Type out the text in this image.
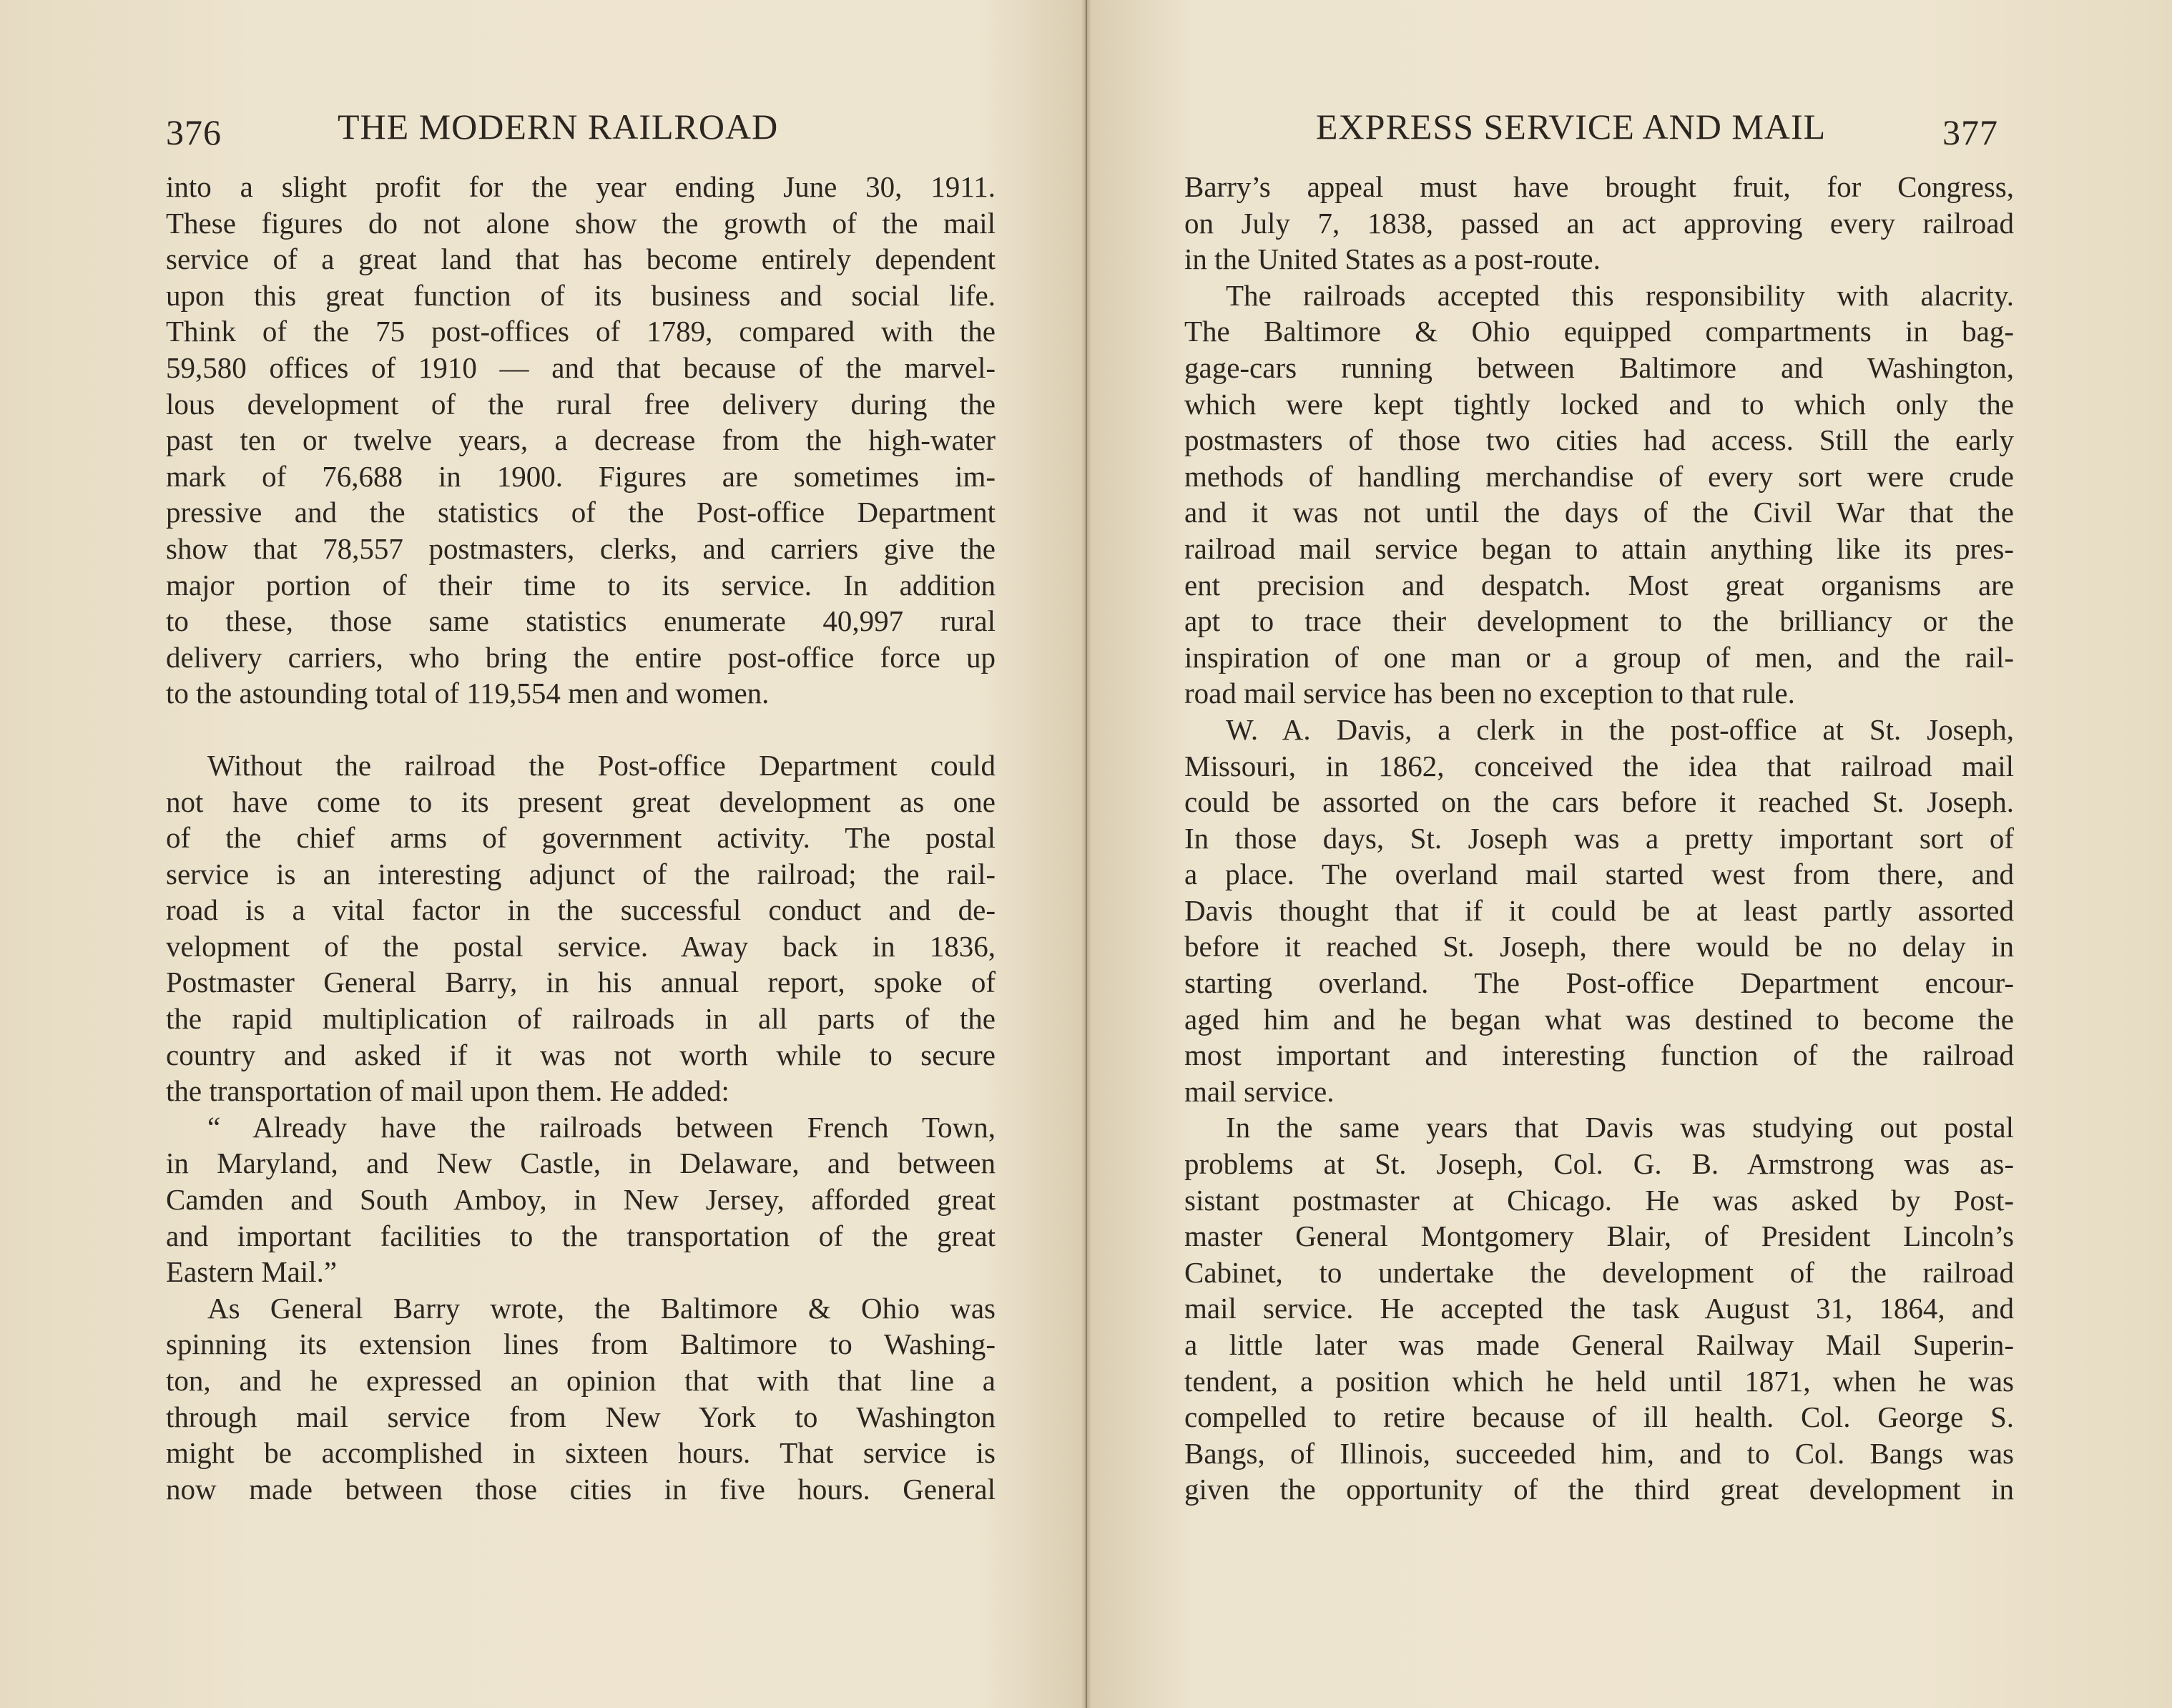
376	THE MODERN RAILROAD
into a slight profit for the year ending June 30, 1911.
These figures do not alone show the growth of the mail
service of a great land that has become entirely dependent
upon this great function of its business and social life.
Think of the 75 post-offices of 1789, compared with the
59,580 offices of 1910 — and that because of the marvel-
lous development of the rural free delivery during the
past ten or twelve years, a decrease from the high-water
mark of 76,688 in 1900. Figures are sometimes im-
pressive and the statistics of the Post-office Department
show that 78,557 postmasters, clerks, and carriers give the
major portion of their time to its service. In addition
to these, those same statistics enumerate 40,997 rural
delivery carriers, who bring the entire post-office force up
to the astounding total of 119,554 men and women.
Without the railroad the Post-office Department could
not have come to its present great development as one
of the chief arms of government activity. The postal
service is an interesting adjunct of the railroad; the rail-
road is a vital factor in the successful conduct and de-
velopment of the postal service. Away back in 1836,
Postmaster General Barry, in his annual report, spoke of
the rapid multiplication of railroads in all parts of the
country and asked if it was not worth while to secure
the transportation of mail upon them. He added:
“ Already have the railroads between French Town,
in Maryland, and New Castle, in Delaware, and between
Camden and South Amboy, in New Jersey, afforded great
and important facilities to the transportation of the great
Eastern Mail.”
As General Barry wrote, the Baltimore & Ohio was
spinning its extension lines from Baltimore to Washing-
ton, and he expressed an opinion that with that line a
through mail service from New York to Washington
might be accomplished in sixteen hours. That service is
now made between those cities in five hours. General
EXPRESS SERVICE AND MAIL	377
Barry’s appeal must have brought fruit, for Congress,
on July 7, 1838, passed an act approving every railroad
in the United States as a post-route.
The railroads accepted this responsibility with alacrity.
The Baltimore & Ohio equipped compartments in bag-
gage-cars running between Baltimore and Washington,
which were kept tightly locked and to which only the
postmasters of those two cities had access. Still the early
methods of handling merchandise of every sort were crude
and it was not until the days of the Civil War that the
railroad mail service began to attain anything like its pres-
ent precision and despatch. Most great organisms are
apt to trace their development to the brilliancy or the
inspiration of one man or a group of men, and the rail-
road mail service has been no exception to that rule.
W. A. Davis, a clerk in the post-office at St. Joseph,
Missouri, in 1862, conceived the idea that railroad mail
could be assorted on the cars before it reached St. Joseph.
In those days, St. Joseph was a pretty important sort of
a place. The overland mail started west from there, and
Davis thought that if it could be at least partly assorted
before it reached St. Joseph, there would be no delay in
starting overland. The Post-office Department encour-
aged him and he began what was destined to become the
most important and interesting function of the railroad
mail service.
In the same years that Davis was studying out postal
problems at St. Joseph, Col. G. B. Armstrong was as-
sistant postmaster at Chicago. He was asked by Post-
master General Montgomery Blair, of President Lincoln’s
Cabinet, to undertake the development of the railroad
mail service. He accepted the task August 31, 1864, and
a little later was made General Railway Mail Superin-
tendent, a position which he held until 1871, when he was
compelled to retire because of ill health. Col. George S.
Bangs, of Illinois, succeeded him, and to Col. Bangs was
given the opportunity of the third great development in
